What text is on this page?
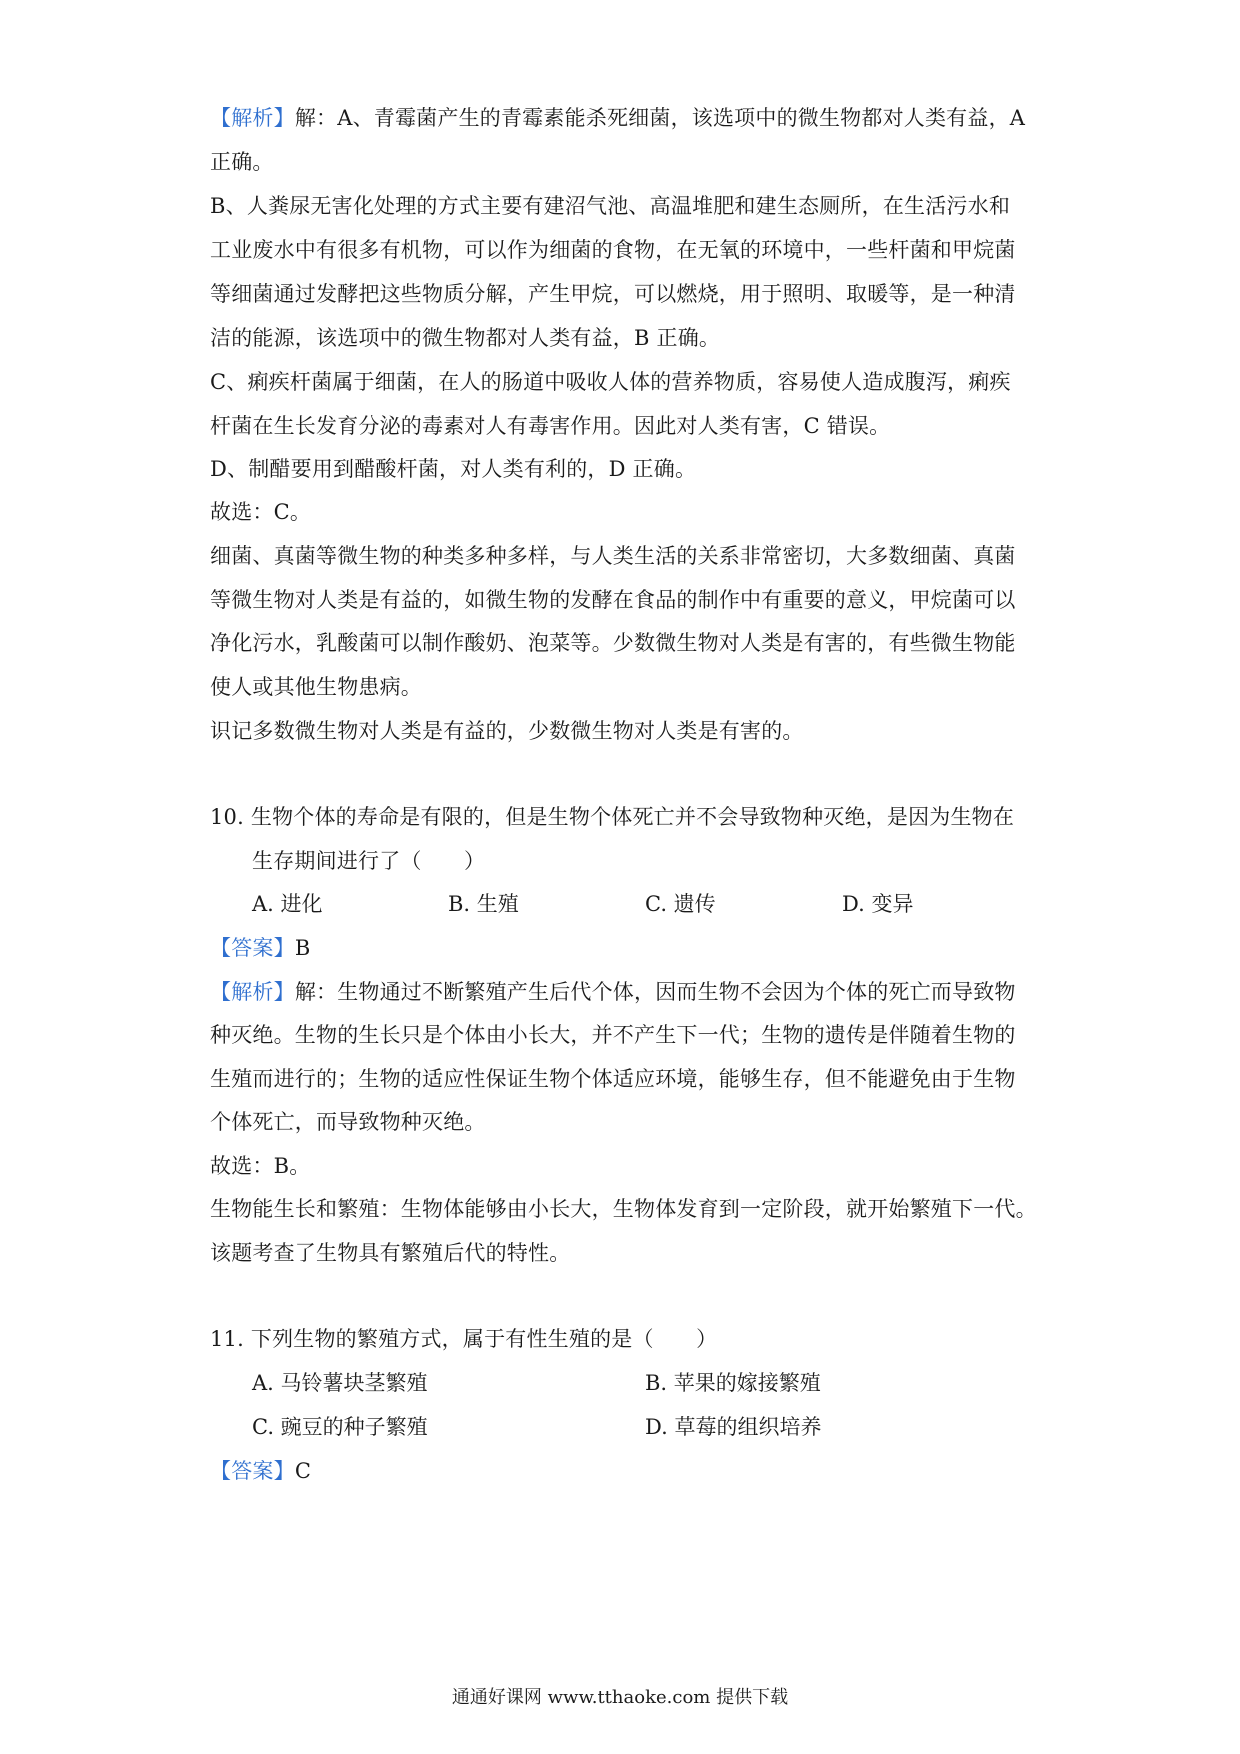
【解析】解：A、青霉菌产生的青霉素能杀死细菌，该选项中的微生物都对人类有益，A
正确。
B、人粪尿无害化处理的方式主要有建沼气池、高温堆肥和建生态厕所，在生活污水和
工业废水中有很多有机物，可以作为细菌的食物，在无氧的环境中，一些杆菌和甲烷菌
等细菌通过发酵把这些物质分解，产生甲烷，可以燃烧，用于照明、取暖等，是一种清
洁的能源，该选项中的微生物都对人类有益，B 正确。
C、痢疾杆菌属于细菌，在人的肠道中吸收人体的营养物质，容易使人造成腹泻，痢疾
杆菌在生长发育分泌的毒素对人有毒害作用。因此对人类有害，C 错误。
D、制醋要用到醋酸杆菌，对人类有利的，D 正确。
故选：C。
细菌、真菌等微生物的种类多种多样，与人类生活的关系非常密切，大多数细菌、真菌
等微生物对人类是有益的，如微生物的发酵在食品的制作中有重要的意义，甲烷菌可以
净化污水，乳酸菌可以制作酸奶、泡菜等。少数微生物对人类是有害的，有些微生物能
使人或其他生物患病。
识记多数微生物对人类是有益的，少数微生物对人类是有害的。
10. 生物个体的寿命是有限的，但是生物个体死亡并不会导致物种灭绝，是因为生物在
生存期间进行了（　　）
A. 进化	B. 生殖	C. 遗传	D. 变异
【答案】B
【解析】解：生物通过不断繁殖产生后代个体，因而生物不会因为个体的死亡而导致物
种灭绝。生物的生长只是个体由小长大，并不产生下一代；生物的遗传是伴随着生物的
生殖而进行的；生物的适应性保证生物个体适应环境，能够生存，但不能避免由于生物
个体死亡，而导致物种灭绝。
故选：B。
生物能生长和繁殖：生物体能够由小长大，生物体发育到一定阶段，就开始繁殖下一代。
该题考查了生物具有繁殖后代的特性。
11. 下列生物的繁殖方式，属于有性生殖的是（　　）
A. 马铃薯块茎繁殖	B. 苹果的嫁接繁殖
C. 豌豆的种子繁殖	D. 草莓的组织培养
【答案】C
通通好课网 www.tthaoke.com 提供下载
